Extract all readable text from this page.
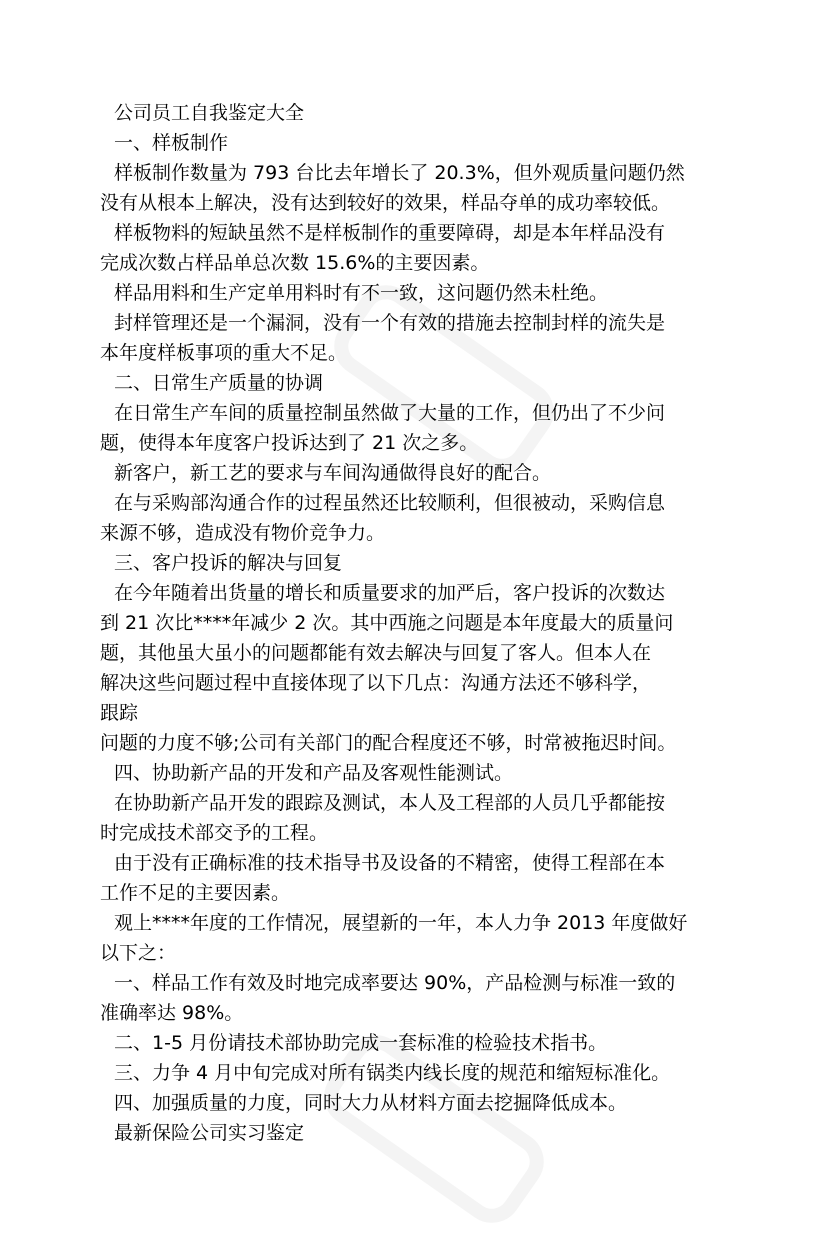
公司员工自我鉴定大全
一、样板制作
样板制作数量为 793 台比去年增长了 20.3%，但外观质量问题仍然
没有从根本上解决，没有达到较好的效果，样品夺单的成功率较低。
样板物料的短缺虽然不是样板制作的重要障碍，却是本年样品没有
完成次数占样品单总次数 15.6%的主要因素。
样品用料和生产定单用料时有不一致，这问题仍然未杜绝。
封样管理还是一个漏洞，没有一个有效的措施去控制封样的流失是
本年度样板事项的重大不足。
二、日常生产质量的协调
在日常生产车间的质量控制虽然做了大量的工作，但仍出了不少问
题，使得本年度客户投诉达到了 21 次之多。
新客户，新工艺的要求与车间沟通做得良好的配合。
在与采购部沟通合作的过程虽然还比较顺利，但很被动，采购信息
来源不够，造成没有物价竞争力。
三、客户投诉的解决与回复
在今年随着出货量的增长和质量要求的加严后，客户投诉的次数达
到 21 次比****年减少 2 次。其中西施之问题是本年度最大的质量问
题，其他虽大虽小的问题都能有效去解决与回复了客人。但本人在
解决这些问题过程中直接体现了以下几点：沟通方法还不够科学，
跟踪
问题的力度不够;公司有关部门的配合程度还不够，时常被拖迟时间。
四、协助新产品的开发和产品及客观性能测试。
在协助新产品开发的跟踪及测试，本人及工程部的人员几乎都能按
时完成技术部交予的工程。
由于没有正确标准的技术指导书及设备的不精密，使得工程部在本
工作不足的主要因素。
观上****年度的工作情况，展望新的一年，本人力争 2013 年度做好
以下之：
一、样品工作有效及时地完成率要达 90%，产品检测与标准一致的
准确率达 98%。
二、1-5 月份请技术部协助完成一套标准的检验技术指书。
三、力争 4 月中旬完成对所有锅类内线长度的规范和缩短标准化。
四、加强质量的力度，同时大力从材料方面去挖掘降低成本。
最新保险公司实习鉴定
